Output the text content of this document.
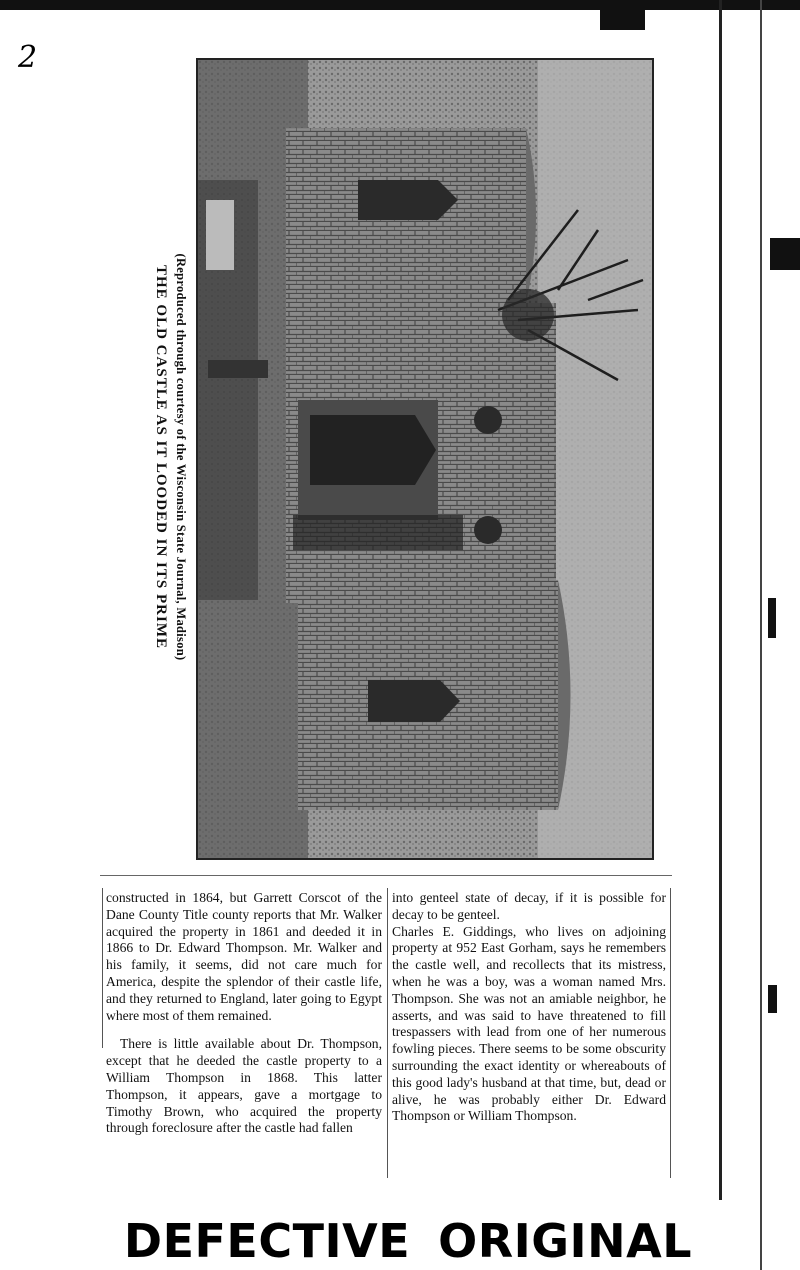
2
(Reproduced through courtesy of the Wisconsin State Journal, Madison)
THE OLD CASTLE AS IT LOODED IN ITS PRIME

constructed in 1864, but Garrett Corscot of the Dane County Title county reports that Mr. Walker acquired the property in 1861 and deeded it in 1866 to Dr. Edward Thompson. Mr. Walker and his family, it seems, did not care much for America, despite the splendor of their castle life, and they returned to England, later going to Egypt where most of them remained.

There is little available about Dr. Thompson, except that he deeded the castle property to a William Thompson in 1868. This latter Thompson, it appears, gave a mortgage to Timothy Brown, who acquired the property through foreclosure after the castle had fallen

into genteel state of decay, if it is possible for decay to be genteel.

Charles E. Giddings, who lives on adjoining property at 952 East Gorham, says he remembers the castle well, and recollects that its mistress, when he was a boy, was a woman named Mrs. Thompson. She was not an amiable neighbor, he asserts, and was said to have threatened to fill trespassers with lead from one of her numerous fowling pieces. There seems to be some obscurity surrounding the exact identity or whereabouts of this good lady's husband at that time, but, dead or alive, he was probably either Dr. Edward Thompson or William Thompson.

DEFECTIVE ORIGINAL
